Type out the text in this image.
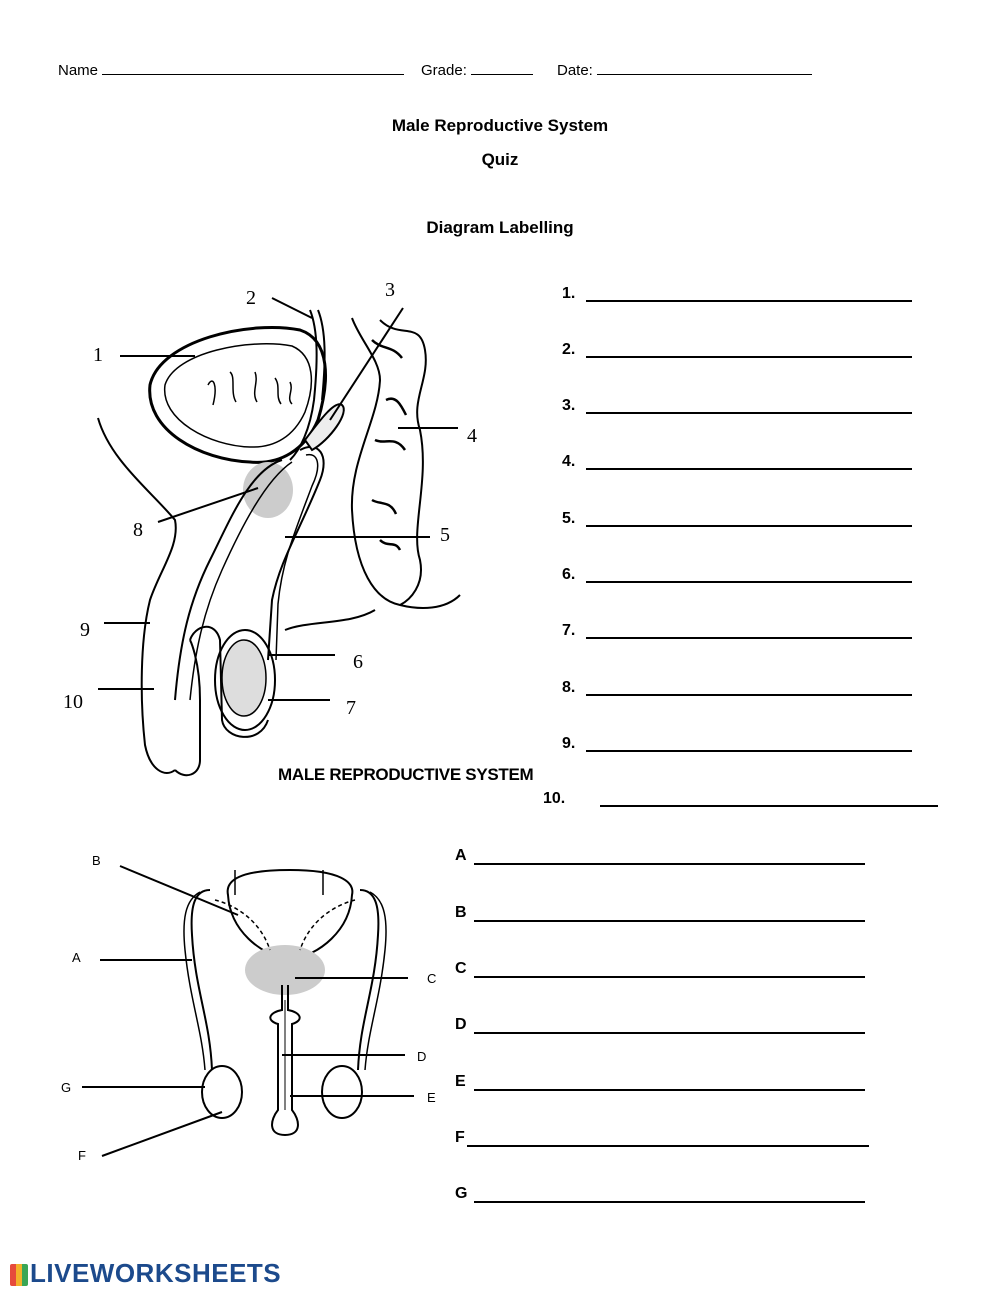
Name	Grade:	Date:
Male Reproductive System
Quiz
Diagram Labelling
1
2	3
4
5
6
7
8
9
10
MALE REPRODUCTIVE SYSTEM
1.
2.
3.
4.
5.
6.
7.
8.
9.
10.
B
A
C
D
E
G
F
A
B
C
D
E
F
G
LIVEWORKSHEETS
